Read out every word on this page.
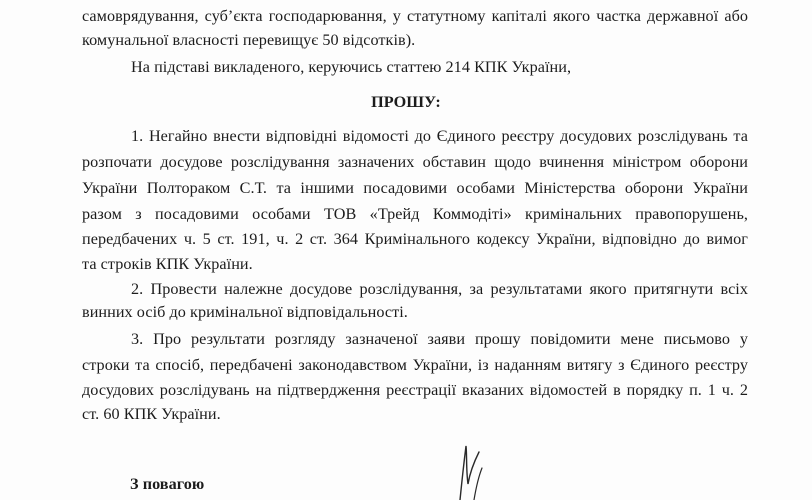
самоврядування, суб’єкта господарювання, у статутному капіталі якого частка державної або
комунальної власності перевищує 50 відсотків).
На підставі викладеного, керуючись статтею 214 КПК України,
ПРОШУ:
1. Негайно внести відповідні відомості до Єдиного реєстру досудових розслідувань та
розпочати досудове розслідування зазначених обставин щодо вчинення міністром оборони
України Полтораком С.Т. та іншими посадовими особами Міністерства оборони України
разом з посадовими особами ТОВ «Трейд Коммодіті» кримінальних правопорушень,
передбачених ч. 5 ст. 191, ч. 2 ст. 364 Кримінального кодексу України, відповідно до вимог
та строків КПК України.
2. Провести належне досудове розслідування, за результатами якого притягнути всіх
винних осіб до кримінальної відповідальності.
3. Про результати розгляду зазначеної заяви прошу повідомити мене письмово у
строки та спосіб, передбачені законодавством України, із наданням витягу з Єдиного реєстру
досудових розслідувань на підтвердження реєстрації вказаних відомостей в порядку п. 1 ч. 2
ст. 60 КПК України.
З повагою
